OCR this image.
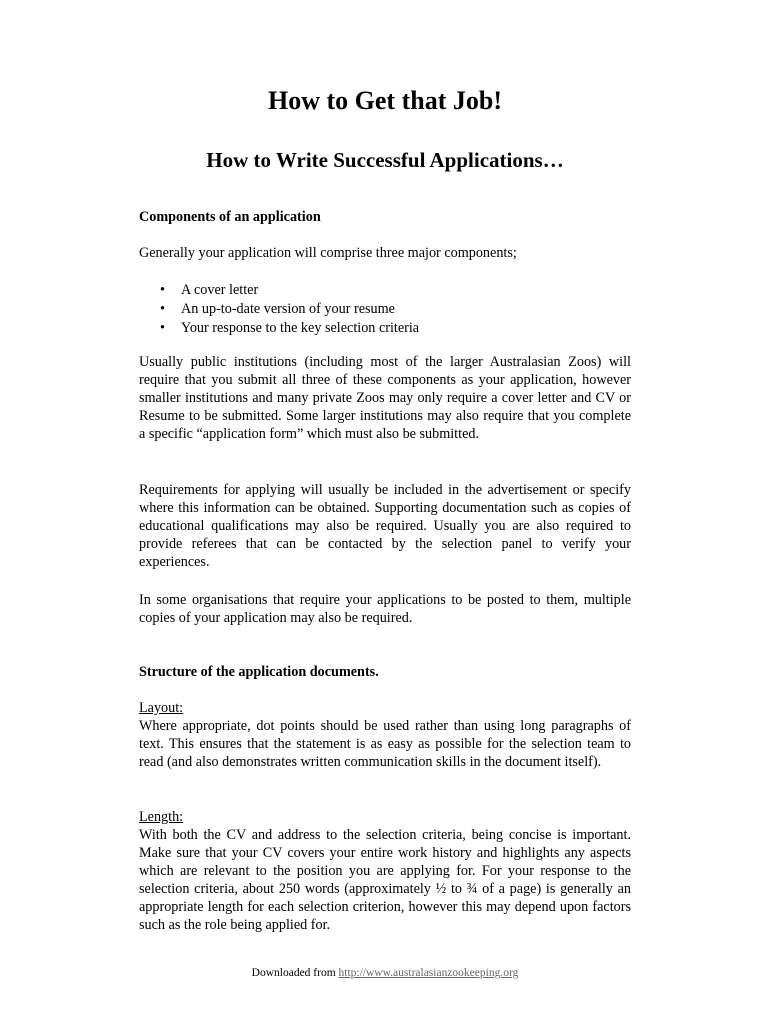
How to Get that Job!
How to Write Successful Applications…

Components of an application

Generally your application will comprise three major components;

• A cover letter
• An up-to-date version of your resume
• Your response to the key selection criteria

Usually public institutions (including most of the larger Australasian Zoos) will require that you submit all three of these components as your application, however smaller institutions and many private Zoos may only require a cover letter and CV or Resume to be submitted. Some larger institutions may also require that you complete a specific “application form” which must also be submitted.

Requirements for applying will usually be included in the advertisement or specify where this information can be obtained. Supporting documentation such as copies of educational qualifications may also be required. Usually you are also required to provide referees that can be contacted by the selection panel to verify your experiences.

In some organisations that require your applications to be posted to them, multiple copies of your application may also be required.

Structure of the application documents.

Layout:

Where appropriate, dot points should be used rather than using long paragraphs of text. This ensures that the statement is as easy as possible for the selection team to read (and also demonstrates written communication skills in the document itself).

Length:

With both the CV and address to the selection criteria, being concise is important. Make sure that your CV covers your entire work history and highlights any aspects which are relevant to the position you are applying for. For your response to the selection criteria, about 250 words (approximately ½ to ¾ of a page) is generally an appropriate length for each selection criterion, however this may depend upon factors such as the role being applied for.

Downloaded from http://www.australasianzookeeping.org
